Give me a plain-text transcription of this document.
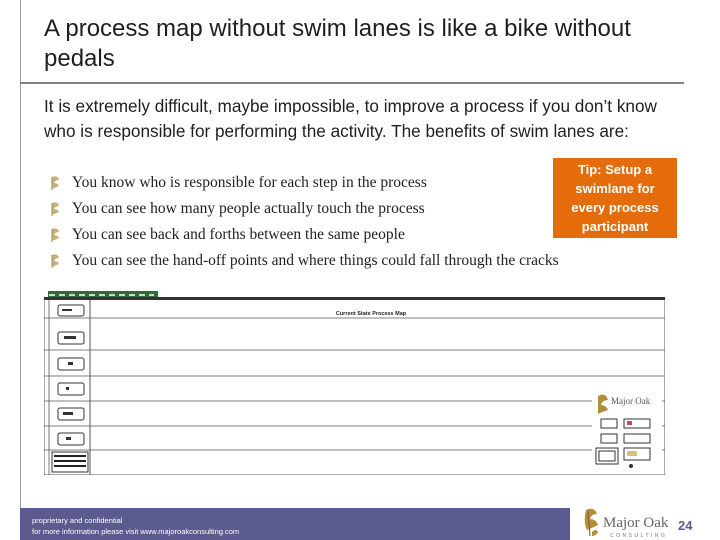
A process map without swim lanes is like a bike without pedals
It is extremely difficult, maybe impossible, to improve a process if you don’t know who is responsible for performing the activity. The benefits of swim lanes are:
You know who is responsible for each step in the process
You can see how many people actually touch the process
You can see back and forths between the same people
You can see the hand-off points and where things could fall through the cracks
Tip: Setup a swimlane for every process participant
Current State Process Map
Major Oak
proprietary and confidential
for more information please visit www.majoroakconsulting.com
Major Oak
CONSULTING
24
